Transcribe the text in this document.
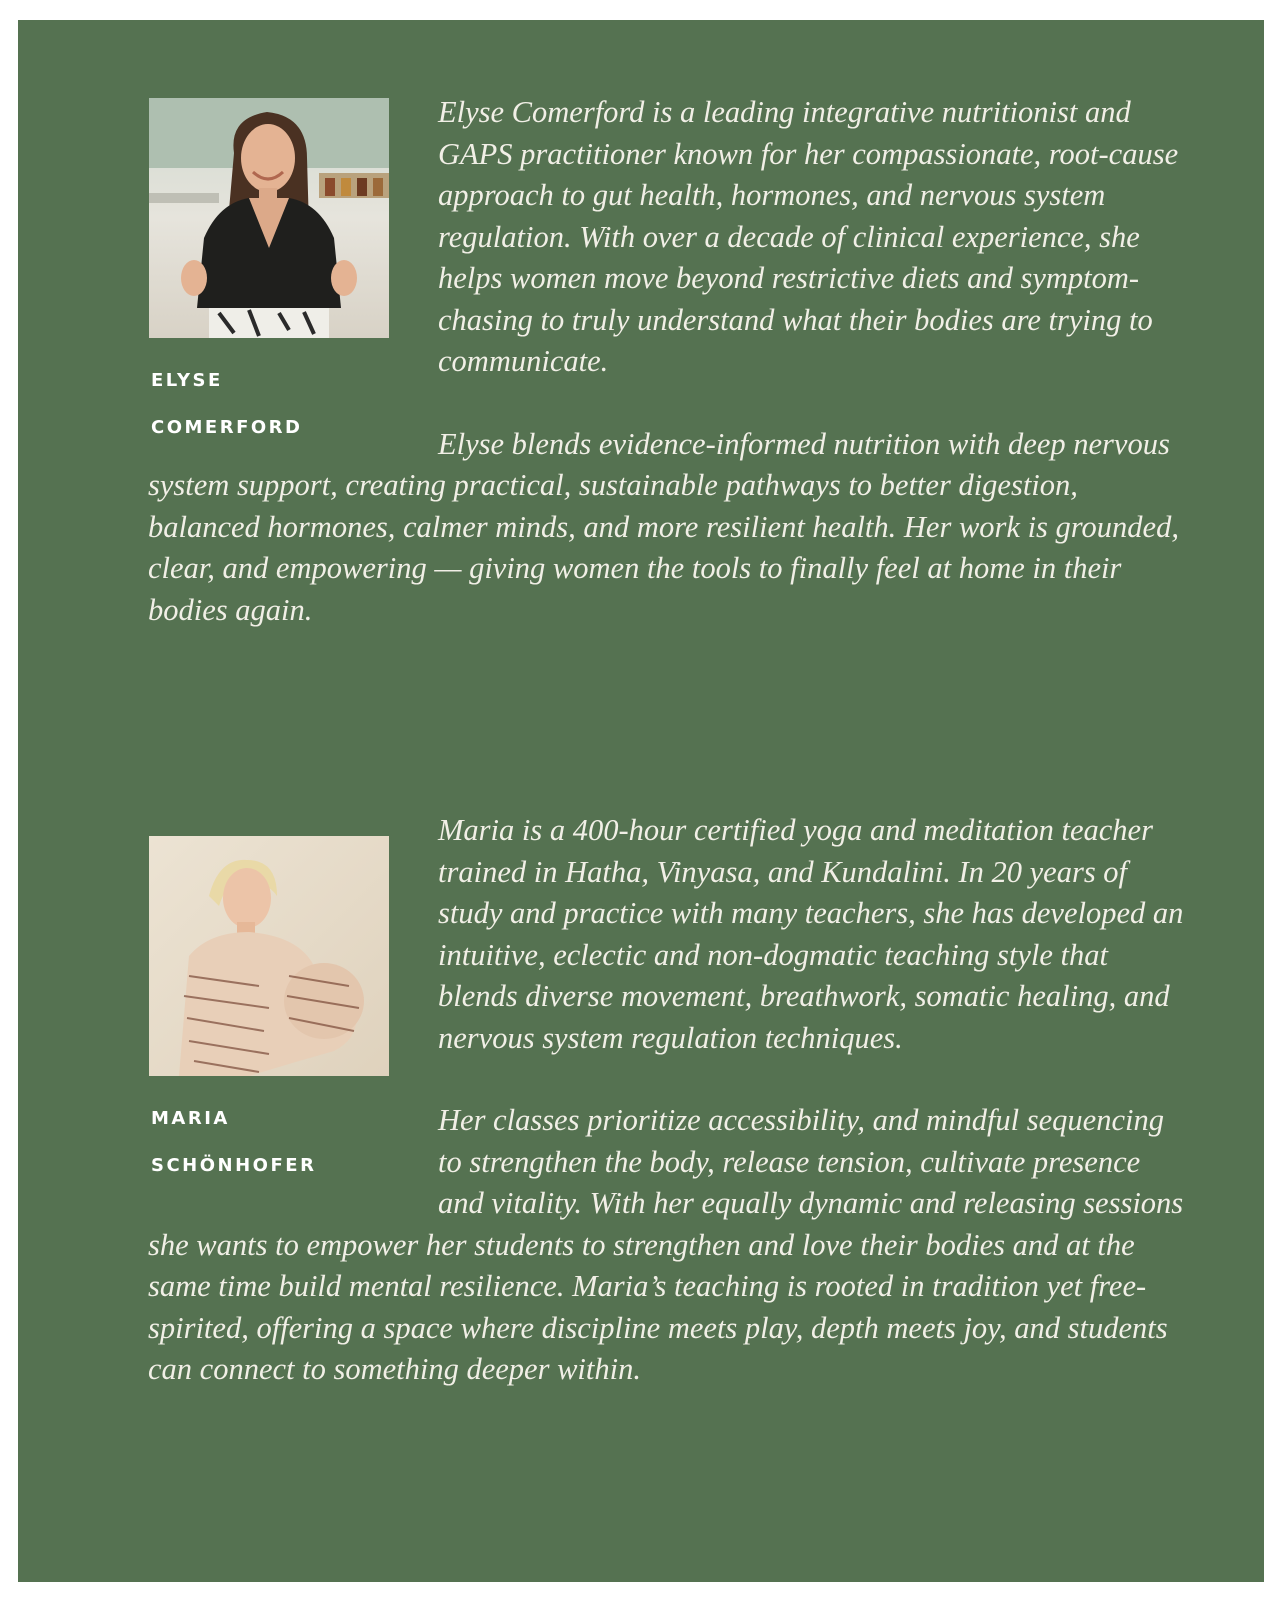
elyse
comerford

Elyse Comerford is a leading integrative nutritionist and GAPS practitioner known for her compassionate, root-cause approach to gut health, hormones, and nervous system regulation. With over a decade of clinical experience, she helps women move beyond restrictive diets and symptom-chasing to truly understand what their bodies are trying to communicate.

Elyse blends evidence-informed nutrition with deep nervous system support, creating practical, sustainable pathways to better digestion, balanced hormones, calmer minds, and more resilient health. Her work is grounded, clear, and empowering — giving women the tools to finally feel at home in their bodies again.

maria
schönhofer

Maria is a 400-hour certified yoga and meditation teacher trained in Hatha, Vinyasa, and Kundalini. In 20 years of study and practice with many teachers, she has developed an intuitive, eclectic and non-dogmatic teaching style that blends diverse movement, breathwork, somatic healing, and nervous system regulation techniques.

Her classes prioritize accessibility, and mindful sequencing to strengthen the body, release tension, cultivate presence and vitality. With her equally dynamic and releasing sessions she wants to empower her students to strengthen and love their bodies and at the same time build mental resilience. Maria’s teaching is rooted in tradition yet free-spirited, offering a space where discipline meets play, depth meets joy, and students can connect to something deeper within.
